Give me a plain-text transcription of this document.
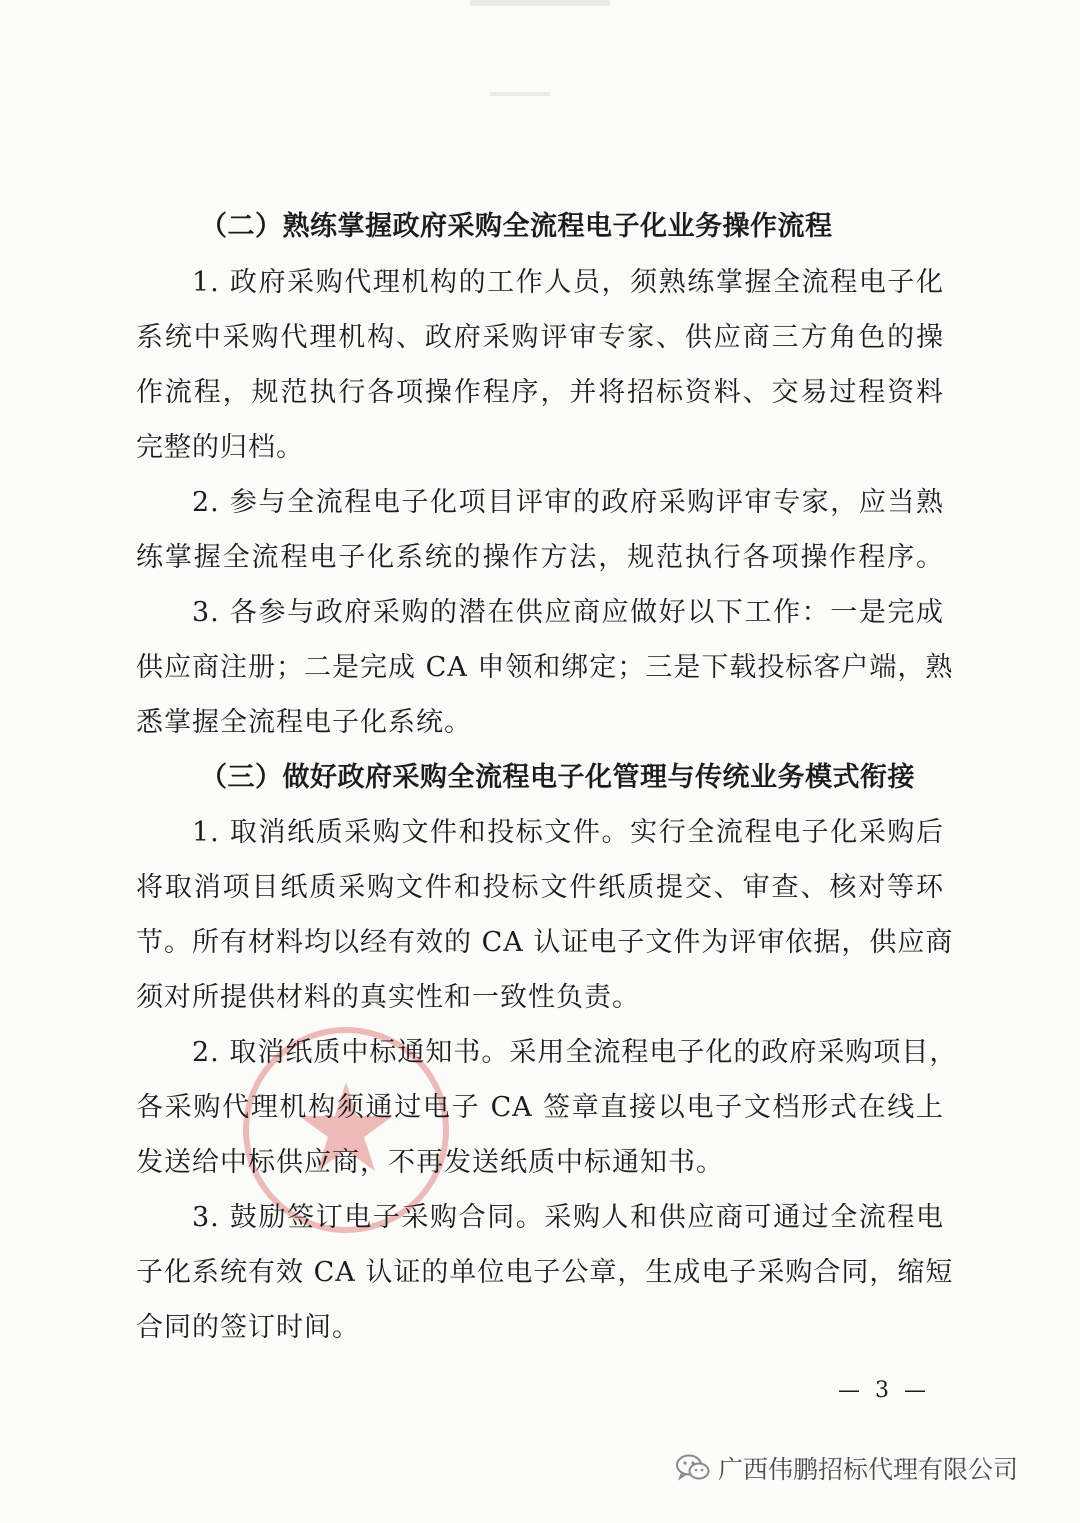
（二）熟练掌握政府采购全流程电子化业务操作流程
1. 政府采购代理机构的工作人员，须熟练掌握全流程电子化
系统中采购代理机构、政府采购评审专家、供应商三方角色的操
作流程，规范执行各项操作程序，并将招标资料、交易过程资料
完整的归档。
2. 参与全流程电子化项目评审的政府采购评审专家，应当熟
练掌握全流程电子化系统的操作方法，规范执行各项操作程序。
3. 各参与政府采购的潜在供应商应做好以下工作：一是完成
供应商注册；二是完成 CA 申领和绑定；三是下载投标客户端，熟
悉掌握全流程电子化系统。
（三）做好政府采购全流程电子化管理与传统业务模式衔接
1. 取消纸质采购文件和投标文件。实行全流程电子化采购后
将取消项目纸质采购文件和投标文件纸质提交、审查、核对等环
节。所有材料均以经有效的 CA 认证电子文件为评审依据，供应商
须对所提供材料的真实性和一致性负责。
2. 取消纸质中标通知书。采用全流程电子化的政府采购项目，
各采购代理机构须通过电子 CA 签章直接以电子文档形式在线上
发送给中标供应商，不再发送纸质中标通知书。
3. 鼓励签订电子采购合同。采购人和供应商可通过全流程电
子化系统有效 CA 认证的单位电子公章，生成电子采购合同，缩短
合同的签订时间。
— 3 —
广西伟鹏招标代理有限公司
